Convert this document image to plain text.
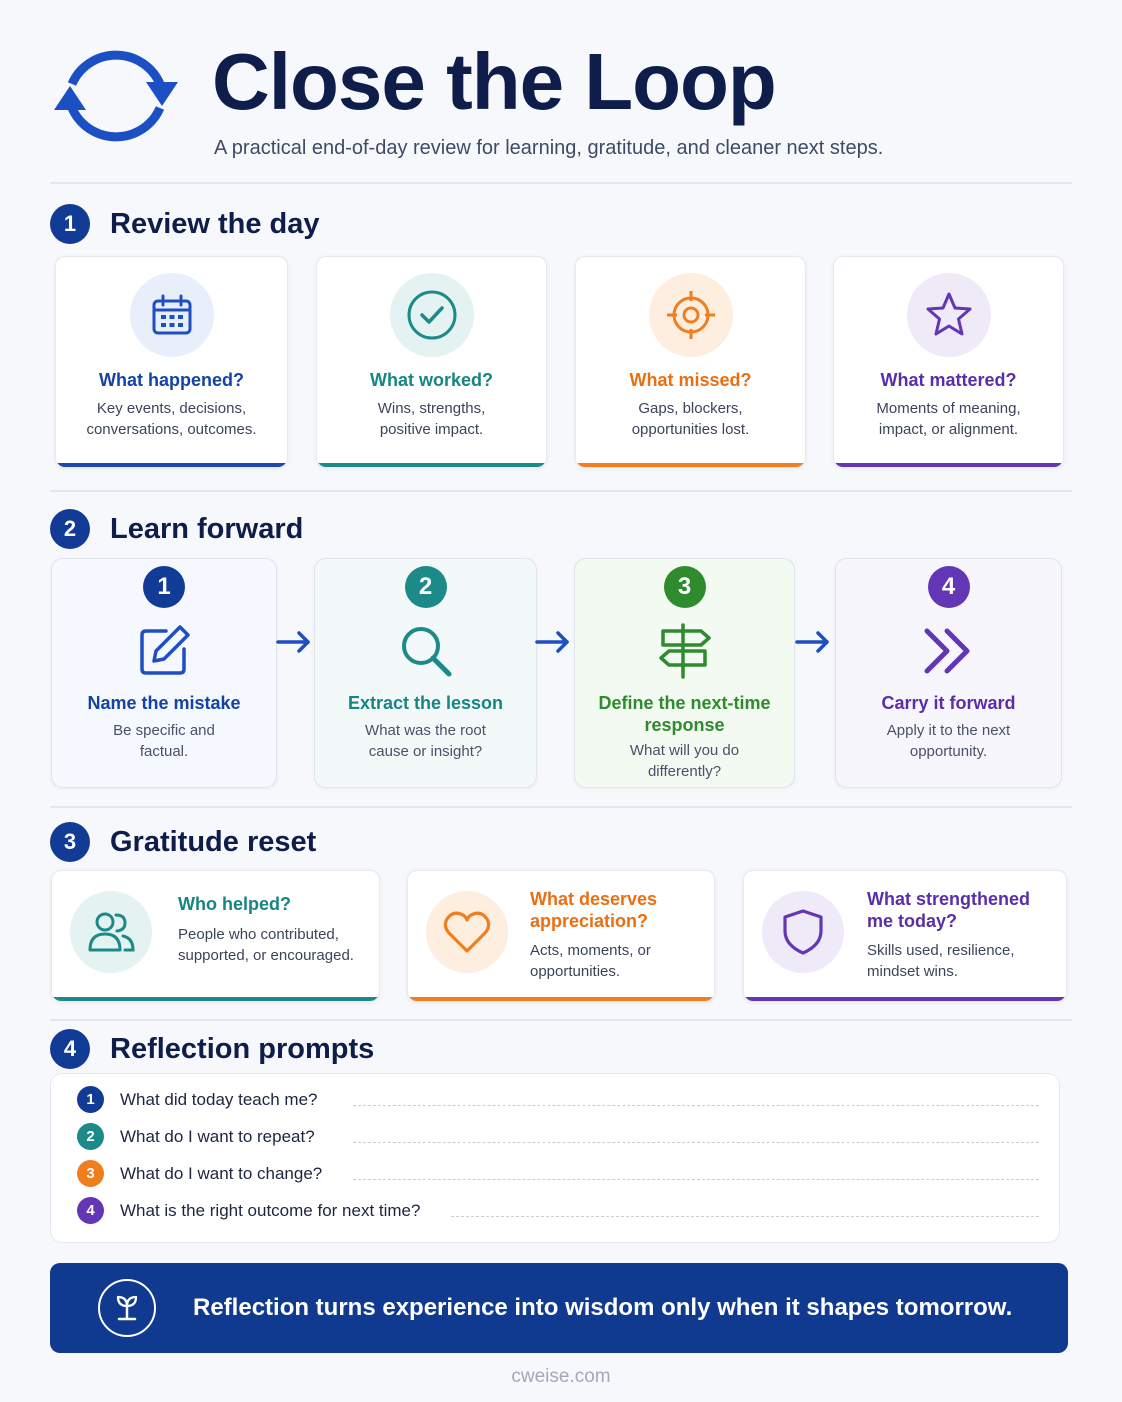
Close the Loop
A practical end-of-day review for learning, gratitude, and cleaner next steps.
1	Review the day
What happened?
Key events, decisions,
conversations, outcomes.
What worked?
Wins, strengths,
positive impact.
What missed?
Gaps, blockers,
opportunities lost.
What mattered?
Moments of meaning,
impact, or alignment.
2	Learn forward
1
Name the mistake
Be specific and
factual.
2
Extract the lesson
What was the root
cause or insight?
3
Define the next-time
response
What will you do
differently?
4
Carry it forward
Apply it to the next
opportunity.
3	Gratitude reset
Who helped?
People who contributed,
supported, or encouraged.
What deserves
appreciation?
Acts, moments, or
opportunities.
What strengthened
me today?
Skills used, resilience,
mindset wins.
4	Reflection prompts
1	What did today teach me?
2	What do I want to repeat?
3	What do I want to change?
4	What is the right outcome for next time?
Reflection turns experience into wisdom only when it shapes tomorrow.
cweise.com
